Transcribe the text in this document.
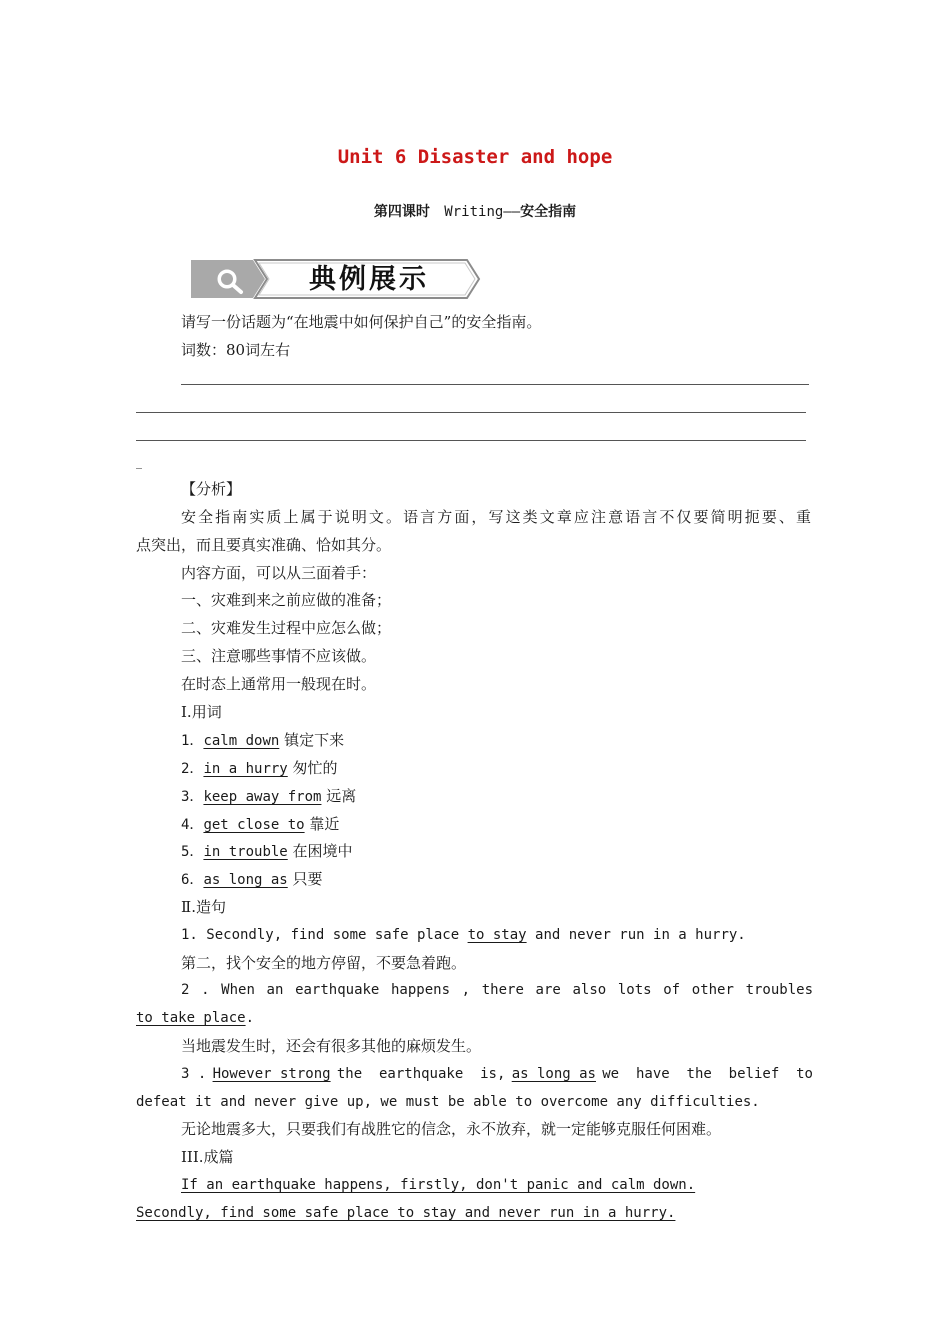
Unit 6 Disaster and hope
第四课时 Writing——安全指南
典例展示
请写一份话题为“在地震中如何保护自己”的安全指南。
词数：80词左右
_
【分析】
安全指南实质上属于说明文。语言方面，写这类文章应注意语言不仅要简明扼要、重
点突出，而且要真实准确、恰如其分。
内容方面，可以从三面着手：
一、灾难到来之前应做的准备；
二、灾难发生过程中应怎么做；
三、注意哪些事情不应该做。
在时态上通常用一般现在时。
Ⅰ.用词
1．calm down 镇定下来
2．in a hurry 匆忙的
3．keep away from 远离
4．get close to 靠近
5．in trouble 在困境中
6．as long as 只要
Ⅱ.造句
1. Secondly, find some safe place to stay and never run in a hurry.
第二，找个安全的地方停留，不要急着跑。
2 . When an earthquake happens , there are also lots of other troubles
to take place.
当地震发生时，还会有很多其他的麻烦发生。
3 . However strong the  earthquake  is, as long as we  have  the  belief  to
defeat it and never give up, we must be able to overcome any difficulties.
无论地震多大，只要我们有战胜它的信念，永不放弃，就一定能够克服任何困难。
III.成篇
If an earthquake happens, firstly, don't panic and calm down.
Secondly, find some safe place to stay and never run in a hurry.
